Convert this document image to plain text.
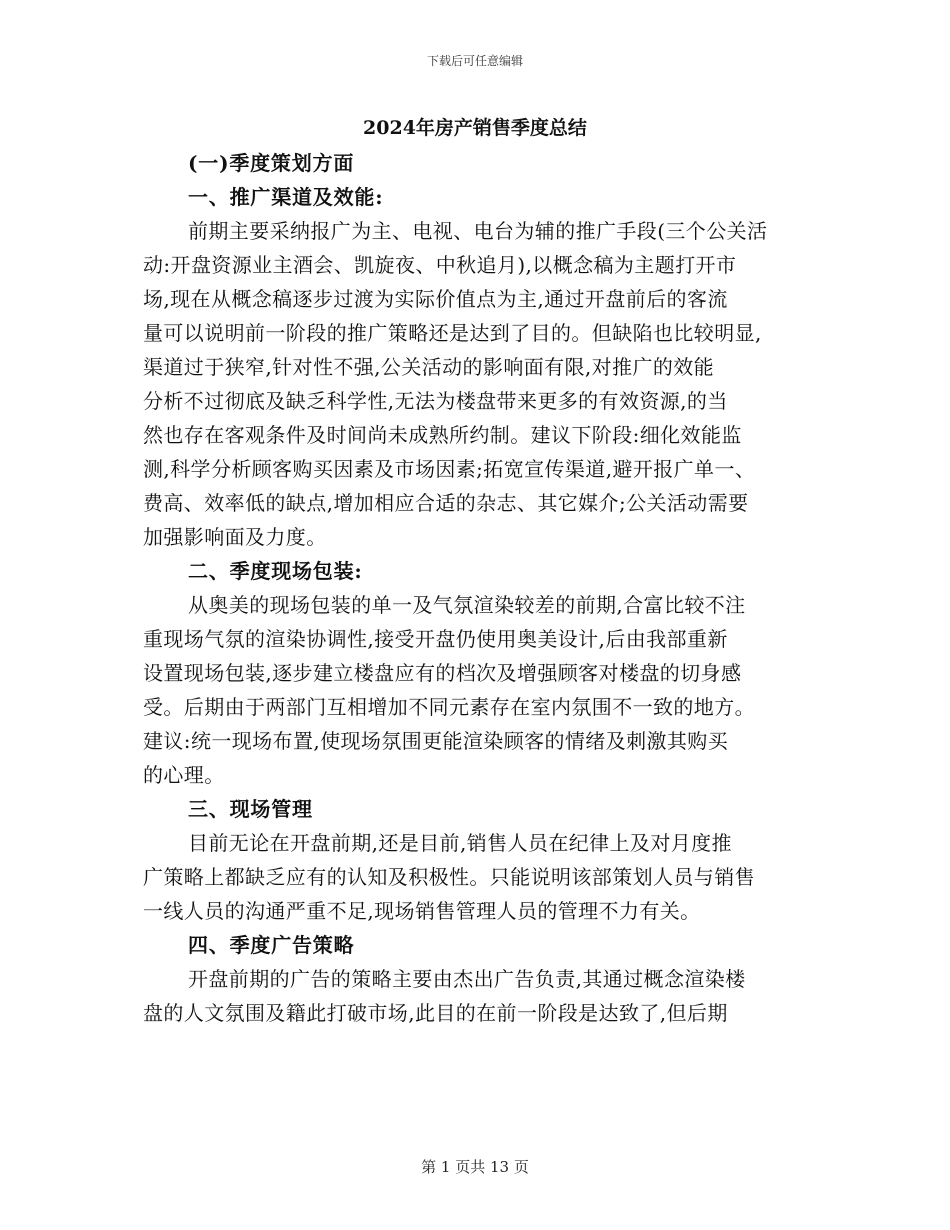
下载后可任意编辑
2024年房产销售季度总结
(一)季度策划方面
一、推广渠道及效能:
前期主要采纳报广为主、电视、电台为辅的推广手段(三个公关活
动:开盘资源业主酒会、凯旋夜、中秋追月),以概念稿为主题打开市
场,现在从概念稿逐步过渡为实际价值点为主,通过开盘前后的客流
量可以说明前一阶段的推广策略还是达到了目的。但缺陷也比较明显,
渠道过于狭窄,针对性不强,公关活动的影响面有限,对推广的效能
分析不过彻底及缺乏科学性,无法为楼盘带来更多的有效资源,的当
然也存在客观条件及时间尚未成熟所约制。建议下阶段:细化效能监
测,科学分析顾客购买因素及市场因素;拓宽宣传渠道,避开报广单一、
费高、效率低的缺点,增加相应合适的杂志、其它媒介;公关活动需要
加强影响面及力度。
二、季度现场包装:
从奥美的现场包装的单一及气氛渲染较差的前期,合富比较不注
重现场气氛的渲染协调性,接受开盘仍使用奥美设计,后由我部重新
设置现场包装,逐步建立楼盘应有的档次及增强顾客对楼盘的切身感
受。后期由于两部门互相增加不同元素存在室内氛围不一致的地方。
建议:统一现场布置,使现场氛围更能渲染顾客的情绪及刺激其购买
的心理。
三、现场管理
目前无论在开盘前期,还是目前,销售人员在纪律上及对月度推
广策略上都缺乏应有的认知及积极性。只能说明该部策划人员与销售
一线人员的沟通严重不足,现场销售管理人员的管理不力有关。
四、季度广告策略
开盘前期的广告的策略主要由杰出广告负责,其通过概念渲染楼
盘的人文氛围及籍此打破市场,此目的在前一阶段是达致了,但后期
第 1 页共 13 页
